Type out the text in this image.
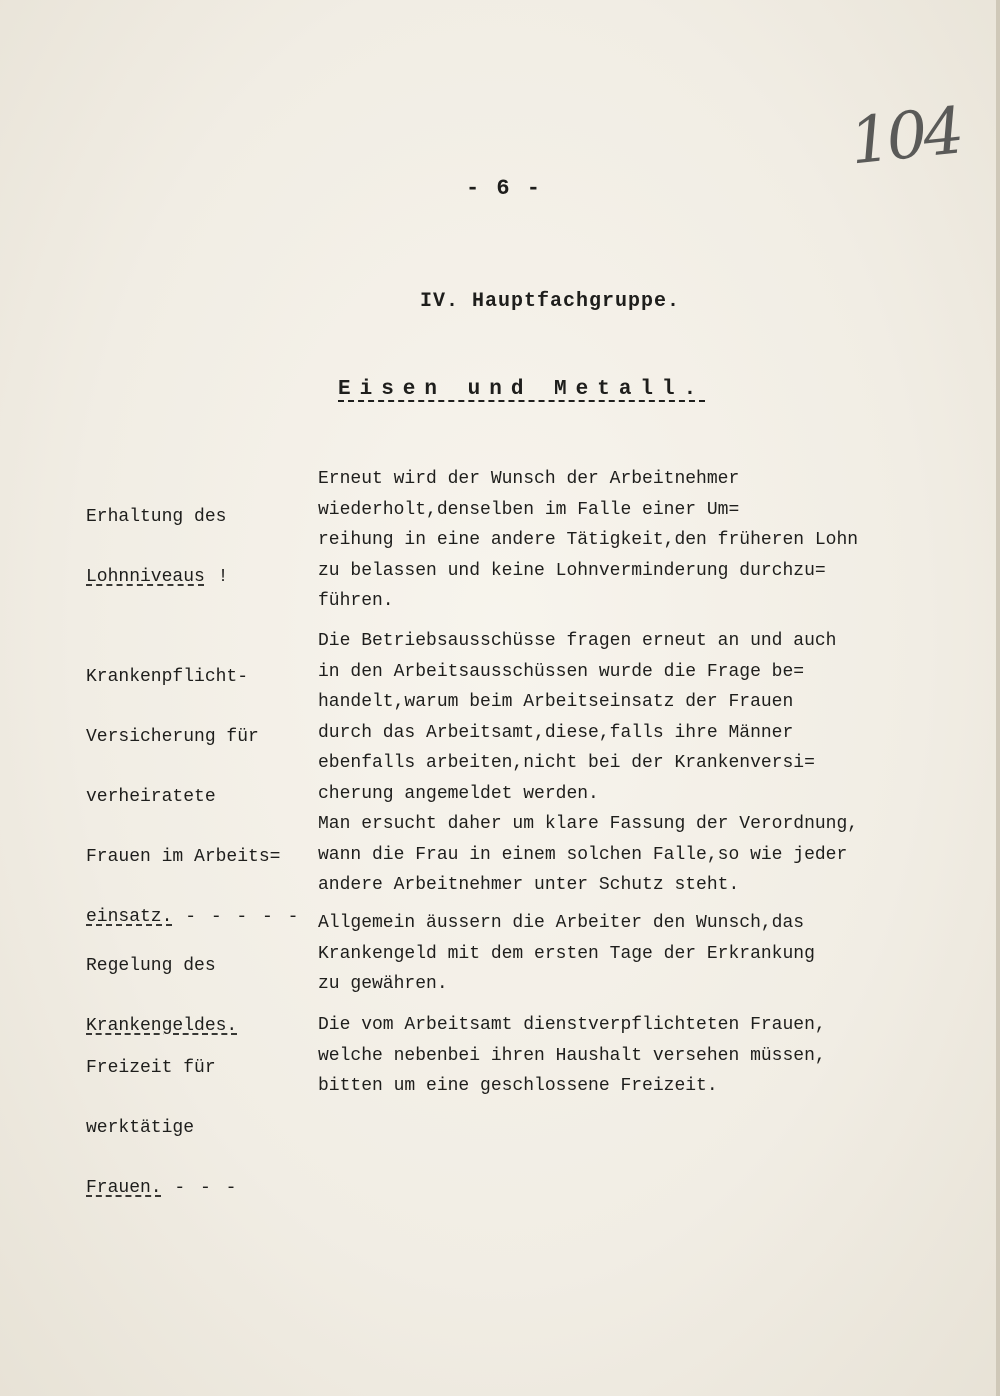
104
- 6 -
IV. Hauptfachgruppe.
Eisen und Metall.

Erhaltung des

Lohnniveaus !

Erneut wird der Wunsch der Arbeitnehmer
wiederholt,denselben im Falle einer Um=
reihung in eine andere Tätigkeit,den früheren Lohn
zu belassen und keine Lohnverminderung durchzu=
führen.

Krankenpflicht-

Versicherung für

verheiratete

Frauen im Arbeits=

einsatz. - - - - -

Die Betriebsausschüsse fragen erneut an und auch
in den Arbeitsausschüssen wurde die Frage be=
handelt,warum beim Arbeitseinsatz der Frauen
durch das Arbeitsamt,diese,falls ihre Männer
ebenfalls arbeiten,nicht bei der Krankenversi=
cherung angemeldet werden.
Man ersucht daher um klare Fassung der Verordnung,
wann die Frau in einem solchen Falle,so wie jeder
andere Arbeitnehmer unter Schutz steht.

Regelung des

Krankengeldes.

Allgemein äussern die Arbeiter den Wunsch,das
Krankengeld mit dem ersten Tage der Erkrankung
zu gewähren.

Freizeit für

werktätige

Frauen. - - -

Die vom Arbeitsamt dienstverpflichteten Frauen,
welche nebenbei ihren Haushalt versehen müssen,
bitten um eine geschlossene Freizeit.
